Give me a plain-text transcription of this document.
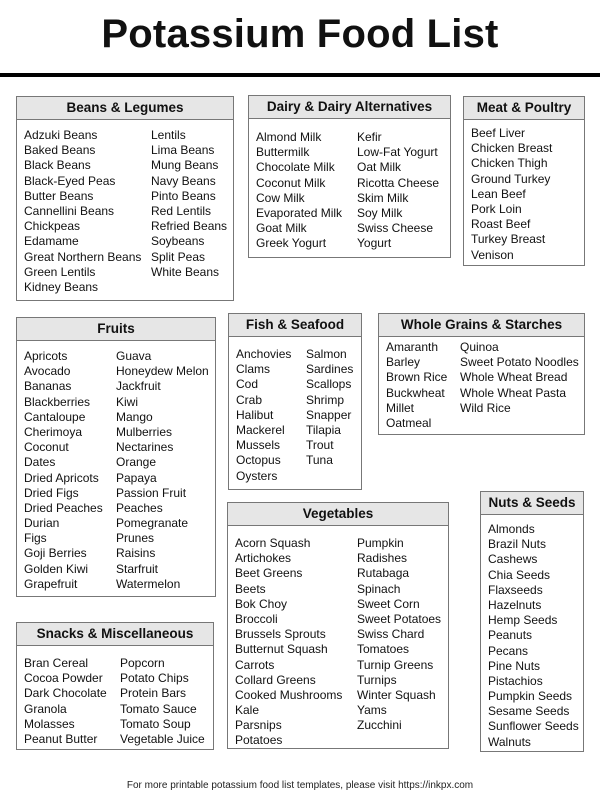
Potassium Food List
Beans & Legumes
Adzuki Beans
Baked Beans
Black Beans
Black-Eyed Peas
Butter Beans
Cannellini Beans
Chickpeas
Edamame
Great Northern Beans
Green Lentils
Kidney Beans
Lentils
Lima Beans
Mung Beans
Navy Beans
Pinto Beans
Red Lentils
Refried Beans
Soybeans
Split Peas
White Beans
Dairy & Dairy Alternatives
Almond Milk
Buttermilk
Chocolate Milk
Coconut Milk
Cow Milk
Evaporated Milk
Goat Milk
Greek Yogurt
Kefir
Low-Fat Yogurt
Oat Milk
Ricotta Cheese
Skim Milk
Soy Milk
Swiss Cheese
Yogurt
Meat & Poultry
Beef Liver
Chicken Breast
Chicken Thigh
Ground Turkey
Lean Beef
Pork Loin
Roast Beef
Turkey Breast
Venison
Fruits
Apricots
Avocado
Bananas
Blackberries
Cantaloupe
Cherimoya
Coconut
Dates
Dried Apricots
Dried Figs
Dried Peaches
Durian
Figs
Goji Berries
Golden Kiwi
Grapefruit
Guava
Honeydew Melon
Jackfruit
Kiwi
Mango
Mulberries
Nectarines
Orange
Papaya
Passion Fruit
Peaches
Pomegranate
Prunes
Raisins
Starfruit
Watermelon
Fish & Seafood
Anchovies
Clams
Cod
Crab
Halibut
Mackerel
Mussels
Octopus
Oysters
Salmon
Sardines
Scallops
Shrimp
Snapper
Tilapia
Trout
Tuna
Whole Grains & Starches
Amaranth
Barley
Brown Rice
Buckwheat
Millet
Oatmeal
Quinoa
Sweet Potato Noodles
Whole Wheat Bread
Whole Wheat Pasta
Wild Rice
Vegetables
Acorn Squash
Artichokes
Beet Greens
Beets
Bok Choy
Broccoli
Brussels Sprouts
Butternut Squash
Carrots
Collard Greens
Cooked Mushrooms
Kale
Parsnips
Potatoes
Pumpkin
Radishes
Rutabaga
Spinach
Sweet Corn
Sweet Potatoes
Swiss Chard
Tomatoes
Turnip Greens
Turnips
Winter Squash
Yams
Zucchini
Nuts & Seeds
Almonds
Brazil Nuts
Cashews
Chia Seeds
Flaxseeds
Hazelnuts
Hemp Seeds
Peanuts
Pecans
Pine Nuts
Pistachios
Pumpkin Seeds
Sesame Seeds
Sunflower Seeds
Walnuts
Snacks & Miscellaneous
Bran Cereal
Cocoa Powder
Dark Chocolate
Granola
Molasses
Peanut Butter
Popcorn
Potato Chips
Protein Bars
Tomato Sauce
Tomato Soup
Vegetable Juice
For more printable potassium food list templates, please visit https://inkpx.com
